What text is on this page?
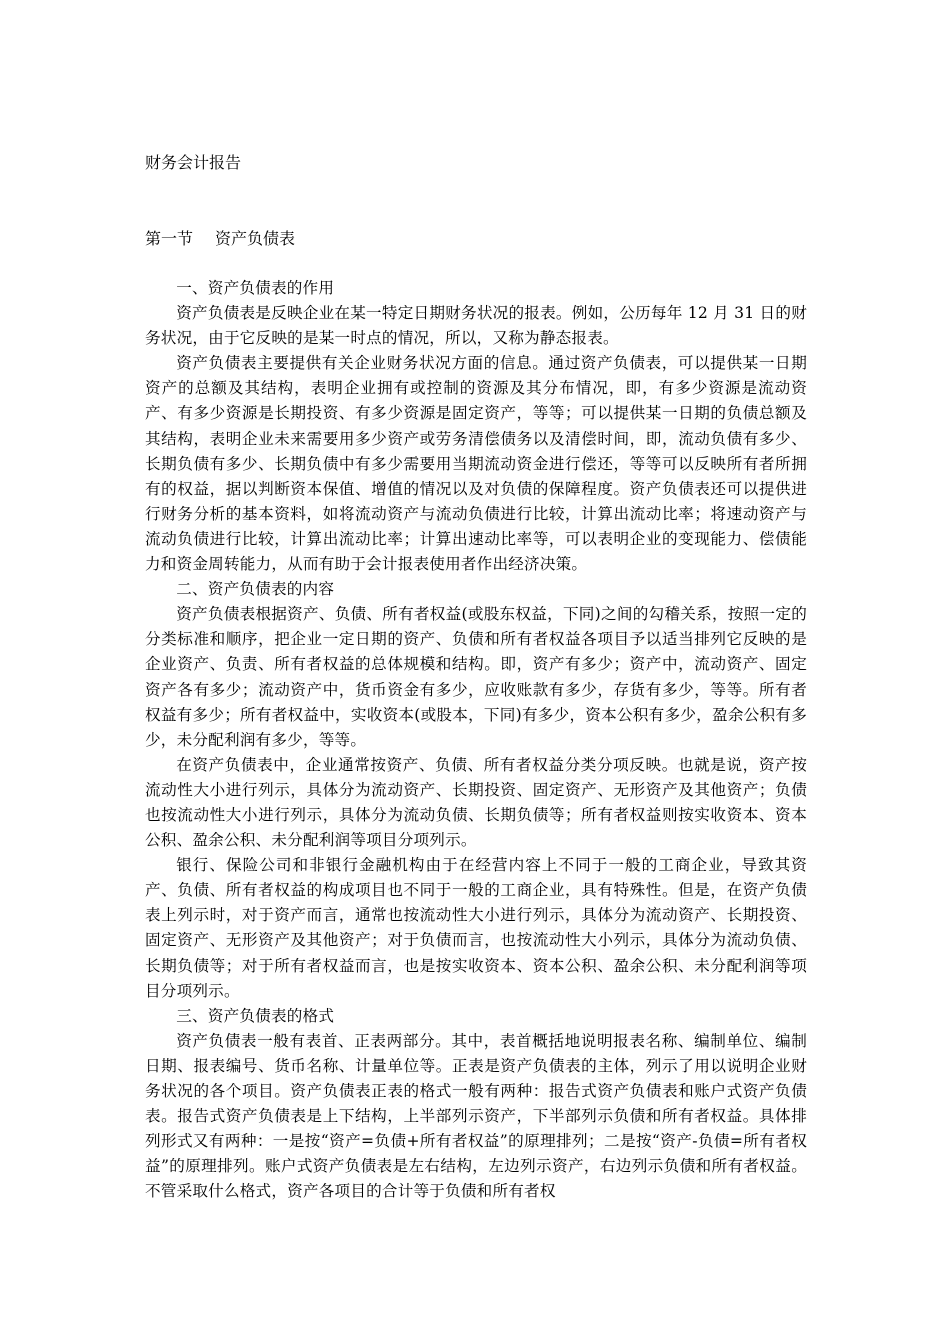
财务会计报告
第一节 资产负债表

一、资产负债表的作用

资产负债表是反映企业在某一特定日期财务状况的报表。例如，公历每年 12 月 31 日的财务状况，由于它反映的是某一时点的情况，所以，又称为静态报表。

资产负债表主要提供有关企业财务状况方面的信息。通过资产负债表，可以提供某一日期资产的总额及其结构，表明企业拥有或控制的资源及其分布情况，即，有多少资源是流动资产、有多少资源是长期投资、有多少资源是固定资产，等等；可以提供某一日期的负债总额及其结构，表明企业未来需要用多少资产或劳务清偿债务以及清偿时间，即，流动负债有多少、长期负债有多少、长期负债中有多少需要用当期流动资金进行偿还，等等可以反映所有者所拥有的权益，据以判断资本保值、增值的情况以及对负债的保障程度。资产负债表还可以提供进行财务分析的基本资料，如将流动资产与流动负债进行比较，计算出流动比率；将速动资产与流动负债进行比较，计算出流动比率；计算出速动比率等，可以表明企业的变现能力、偿债能力和资金周转能力，从而有助于会计报表使用者作出经济决策。

二、资产负债表的内容

资产负债表根据资产、负债、所有者权益(或股东权益，下同)之间的勾稽关系，按照一定的分类标准和顺序，把企业一定日期的资产、负债和所有者权益各项目予以适当排列它反映的是企业资产、负责、所有者权益的总体规模和结构。即，资产有多少；资产中，流动资产、固定资产各有多少；流动资产中，货币资金有多少，应收账款有多少，存货有多少，等等。所有者权益有多少；所有者权益中，实收资本(或股本，下同)有多少，资本公积有多少，盈余公积有多少，未分配利润有多少，等等。

在资产负债表中，企业通常按资产、负债、所有者权益分类分项反映。也就是说，资产按流动性大小进行列示，具体分为流动资产、长期投资、固定资产、无形资产及其他资产；负债也按流动性大小进行列示，具体分为流动负债、长期负债等；所有者权益则按实收资本、资本公积、盈余公积、未分配利润等项目分项列示。

银行、保险公司和非银行金融机构由于在经营内容上不同于一般的工商企业，导致其资产、负债、所有者权益的构成项目也不同于一般的工商企业，具有特殊性。但是，在资产负债表上列示时，对于资产而言，通常也按流动性大小进行列示，具体分为流动资产、长期投资、固定资产、无形资产及其他资产；对于负债而言，也按流动性大小列示，具体分为流动负债、长期负债等；对于所有者权益而言，也是按实收资本、资本公积、盈余公积、未分配利润等项目分项列示。

三、资产负债表的格式

资产负债表一般有表首、正表两部分。其中，表首概括地说明报表名称、编制单位、编制日期、报表编号、货币名称、计量单位等。正表是资产负债表的主体，列示了用以说明企业财务状况的各个项目。资产负债表正表的格式一般有两种：报告式资产负债表和账户式资产负债表。报告式资产负债表是上下结构，上半部列示资产，下半部列示负债和所有者权益。具体排列形式又有两种：一是按“资产=负债+所有者权益”的原理排列；二是按“资产-负债=所有者权益”的原理排列。账户式资产负债表是左右结构，左边列示资产，右边列示负债和所有者权益。不管采取什么格式，资产各项目的合计等于负债和所有者权
